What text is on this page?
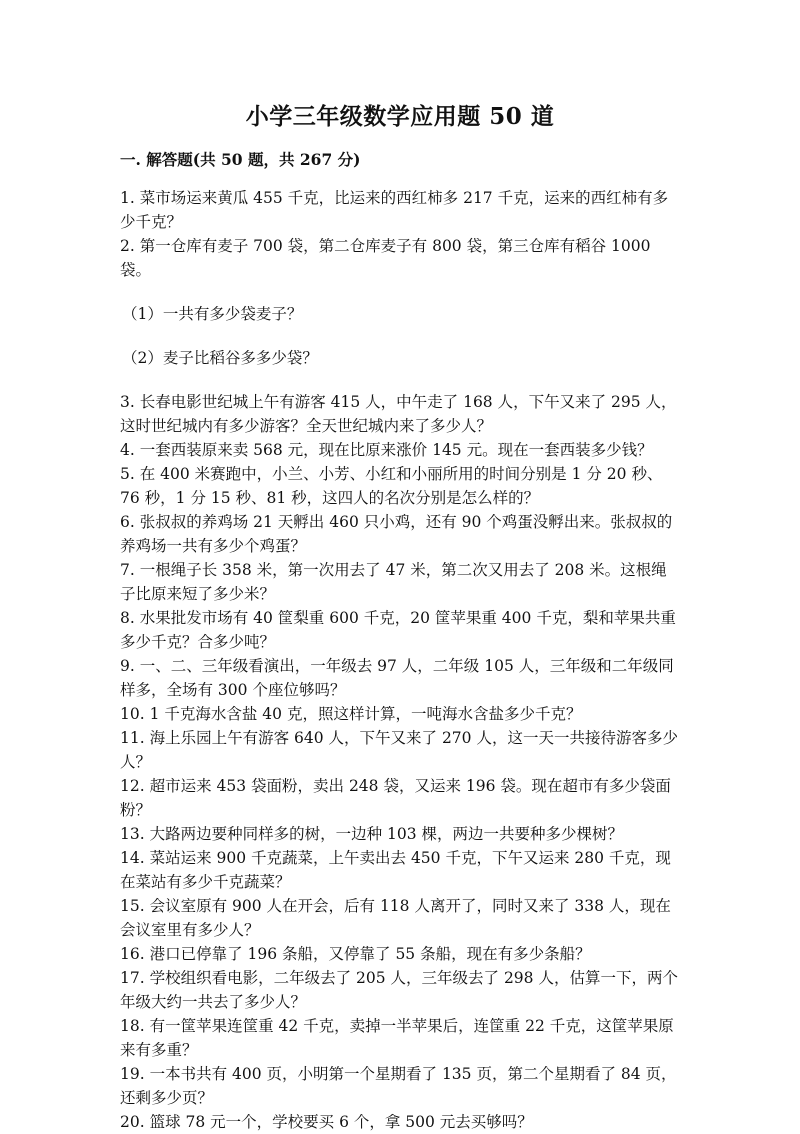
小学三年级数学应用题 50 道
一. 解答题(共 50 题，共 267 分)

1. 菜市场运来黄瓜 455 千克，比运来的西红柿多 217 千克，运来的西红柿有多少千克？

2. 第一仓库有麦子 700 袋，第二仓库麦子有 800 袋，第三仓库有稻谷 1000 袋。

（1）一共有多少袋麦子？

（2）麦子比稻谷多多少袋？

3. 长春电影世纪城上午有游客 415 人，中午走了 168 人，下午又来了 295 人，这时世纪城内有多少游客？全天世纪城内来了多少人？

4. 一套西装原来卖 568 元，现在比原来涨价 145 元。现在一套西装多少钱？

5. 在 400 米赛跑中，小兰、小芳、小红和小丽所用的时间分别是 1 分 20 秒、76 秒，1 分 15 秒、81 秒，这四人的名次分别是怎么样的？

6. 张叔叔的养鸡场 21 天孵出 460 只小鸡，还有 90 个鸡蛋没孵出来。张叔叔的养鸡场一共有多少个鸡蛋？

7. 一根绳子长 358 米，第一次用去了 47 米，第二次又用去了 208 米。这根绳子比原来短了多少米？

8. 水果批发市场有 40 筐梨重 600 千克，20 筐苹果重 400 千克，梨和苹果共重多少千克？合多少吨？

9. 一、二、三年级看演出，一年级去 97 人，二年级 105 人，三年级和二年级同样多，全场有 300 个座位够吗？

10. 1 千克海水含盐 40 克，照这样计算，一吨海水含盐多少千克？

11. 海上乐园上午有游客 640 人，下午又来了 270 人，这一天一共接待游客多少人？

12. 超市运来 453 袋面粉，卖出 248 袋，又运来 196 袋。现在超市有多少袋面粉？

13. 大路两边要种同样多的树，一边种 103 棵，两边一共要种多少棵树？

14. 菜站运来 900 千克蔬菜，上午卖出去 450 千克，下午又运来 280 千克，现在菜站有多少千克蔬菜？

15. 会议室原有 900 人在开会，后有 118 人离开了，同时又来了 338 人，现在会议室里有多少人？

16. 港口已停靠了 196 条船，又停靠了 55 条船，现在有多少条船？

17. 学校组织看电影，二年级去了 205 人，三年级去了 298 人，估算一下，两个年级大约一共去了多少人？

18. 有一筐苹果连筐重 42 千克，卖掉一半苹果后，连筐重 22 千克，这筐苹果原来有多重？

19. 一本书共有 400 页，小明第一个星期看了 135 页，第二个星期看了 84 页，还剩多少页？

20. 篮球 78 元一个，学校要买 6 个，拿 500 元去买够吗？
